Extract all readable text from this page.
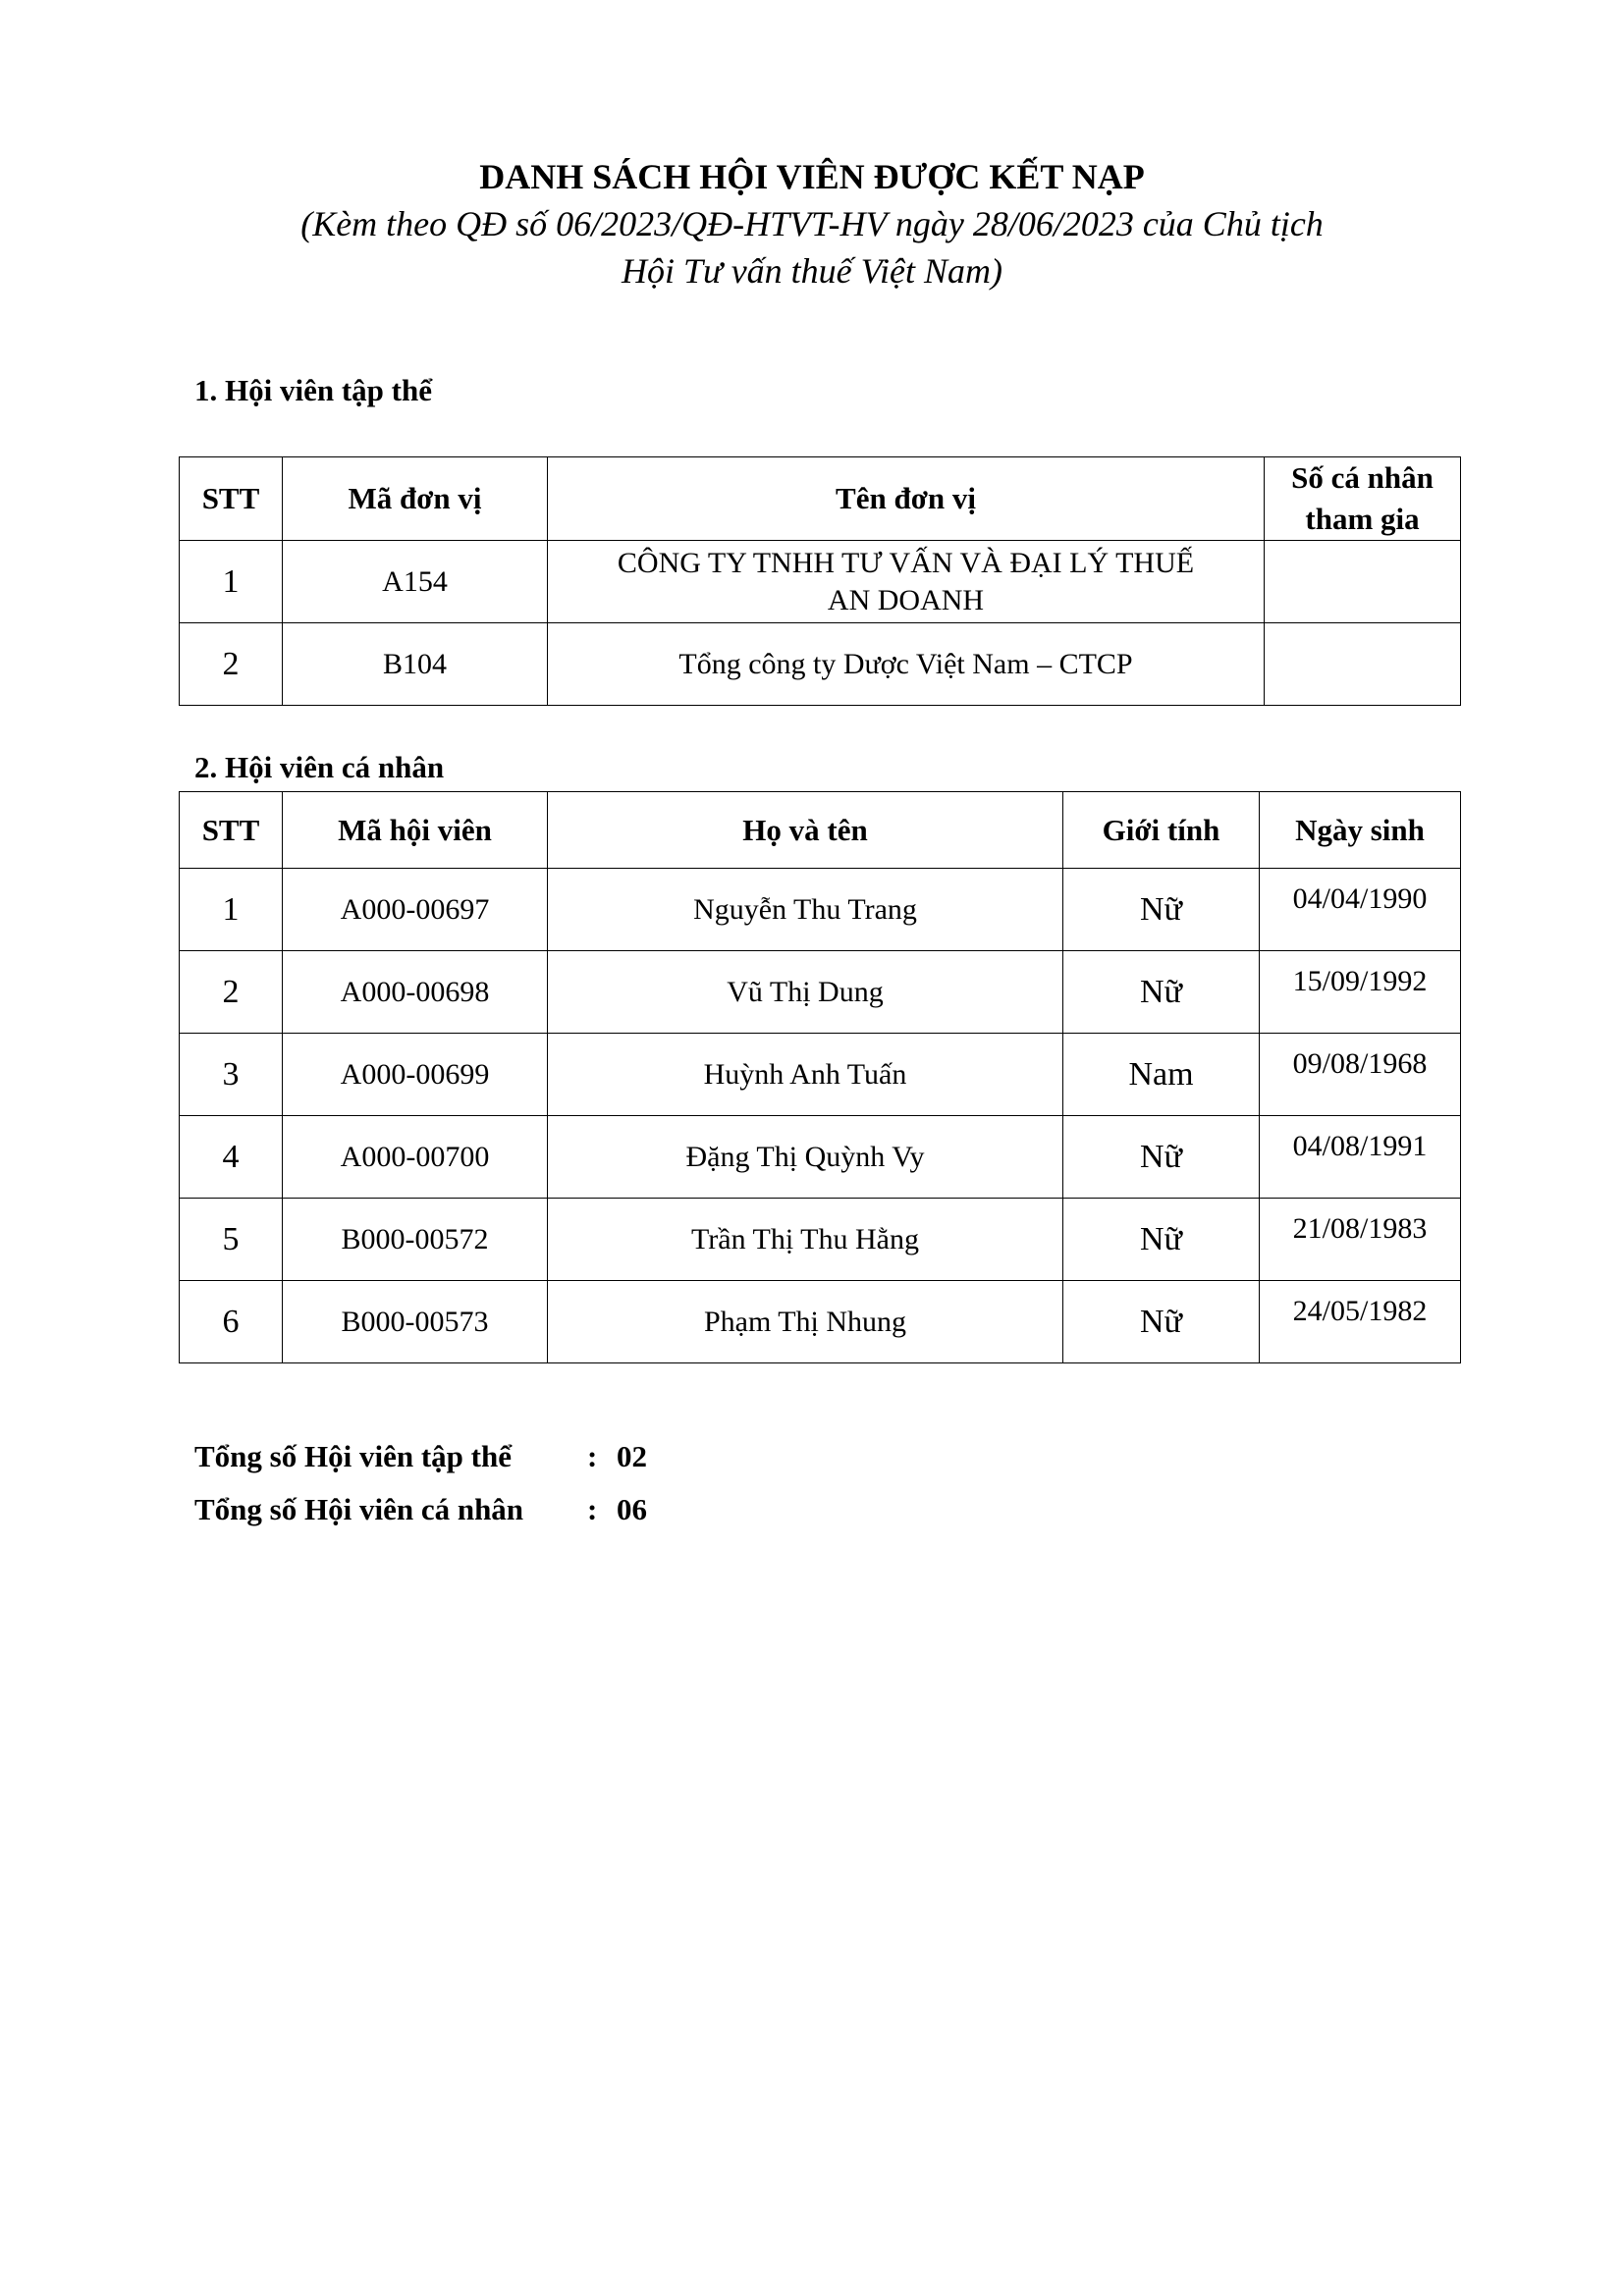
DANH SÁCH HỘI VIÊN ĐƯỢC KẾT NẠP
(Kèm theo QĐ số 06/2023/QĐ-HTVT-HV ngày 28/06/2023 của Chủ tịch
Hội Tư vấn thuế Việt Nam)
1. Hội viên tập thể
STT	Mã đơn vị	Tên đơn vị	Số cá nhân tham gia
1	A154	CÔNG TY TNHH TƯ VẤN VÀ ĐẠI LÝ THUẾ AN DOANH	
2	B104	Tổng công ty Dược Việt Nam – CTCP	
2. Hội viên cá nhân
STT	Mã hội viên	Họ và tên	Giới tính	Ngày sinh
1	A000-00697	Nguyễn Thu Trang	Nữ	04/04/1990
2	A000-00698	Vũ Thị Dung	Nữ	15/09/1992
3	A000-00699	Huỳnh Anh Tuấn	Nam	09/08/1968
4	A000-00700	Đặng Thị Quỳnh Vy	Nữ	04/08/1991
5	B000-00572	Trần Thị Thu Hằng	Nữ	21/08/1983
6	B000-00573	Phạm Thị Nhung	Nữ	24/05/1982
Tổng số Hội viên tập thể : 02
Tổng số Hội viên cá nhân : 06
